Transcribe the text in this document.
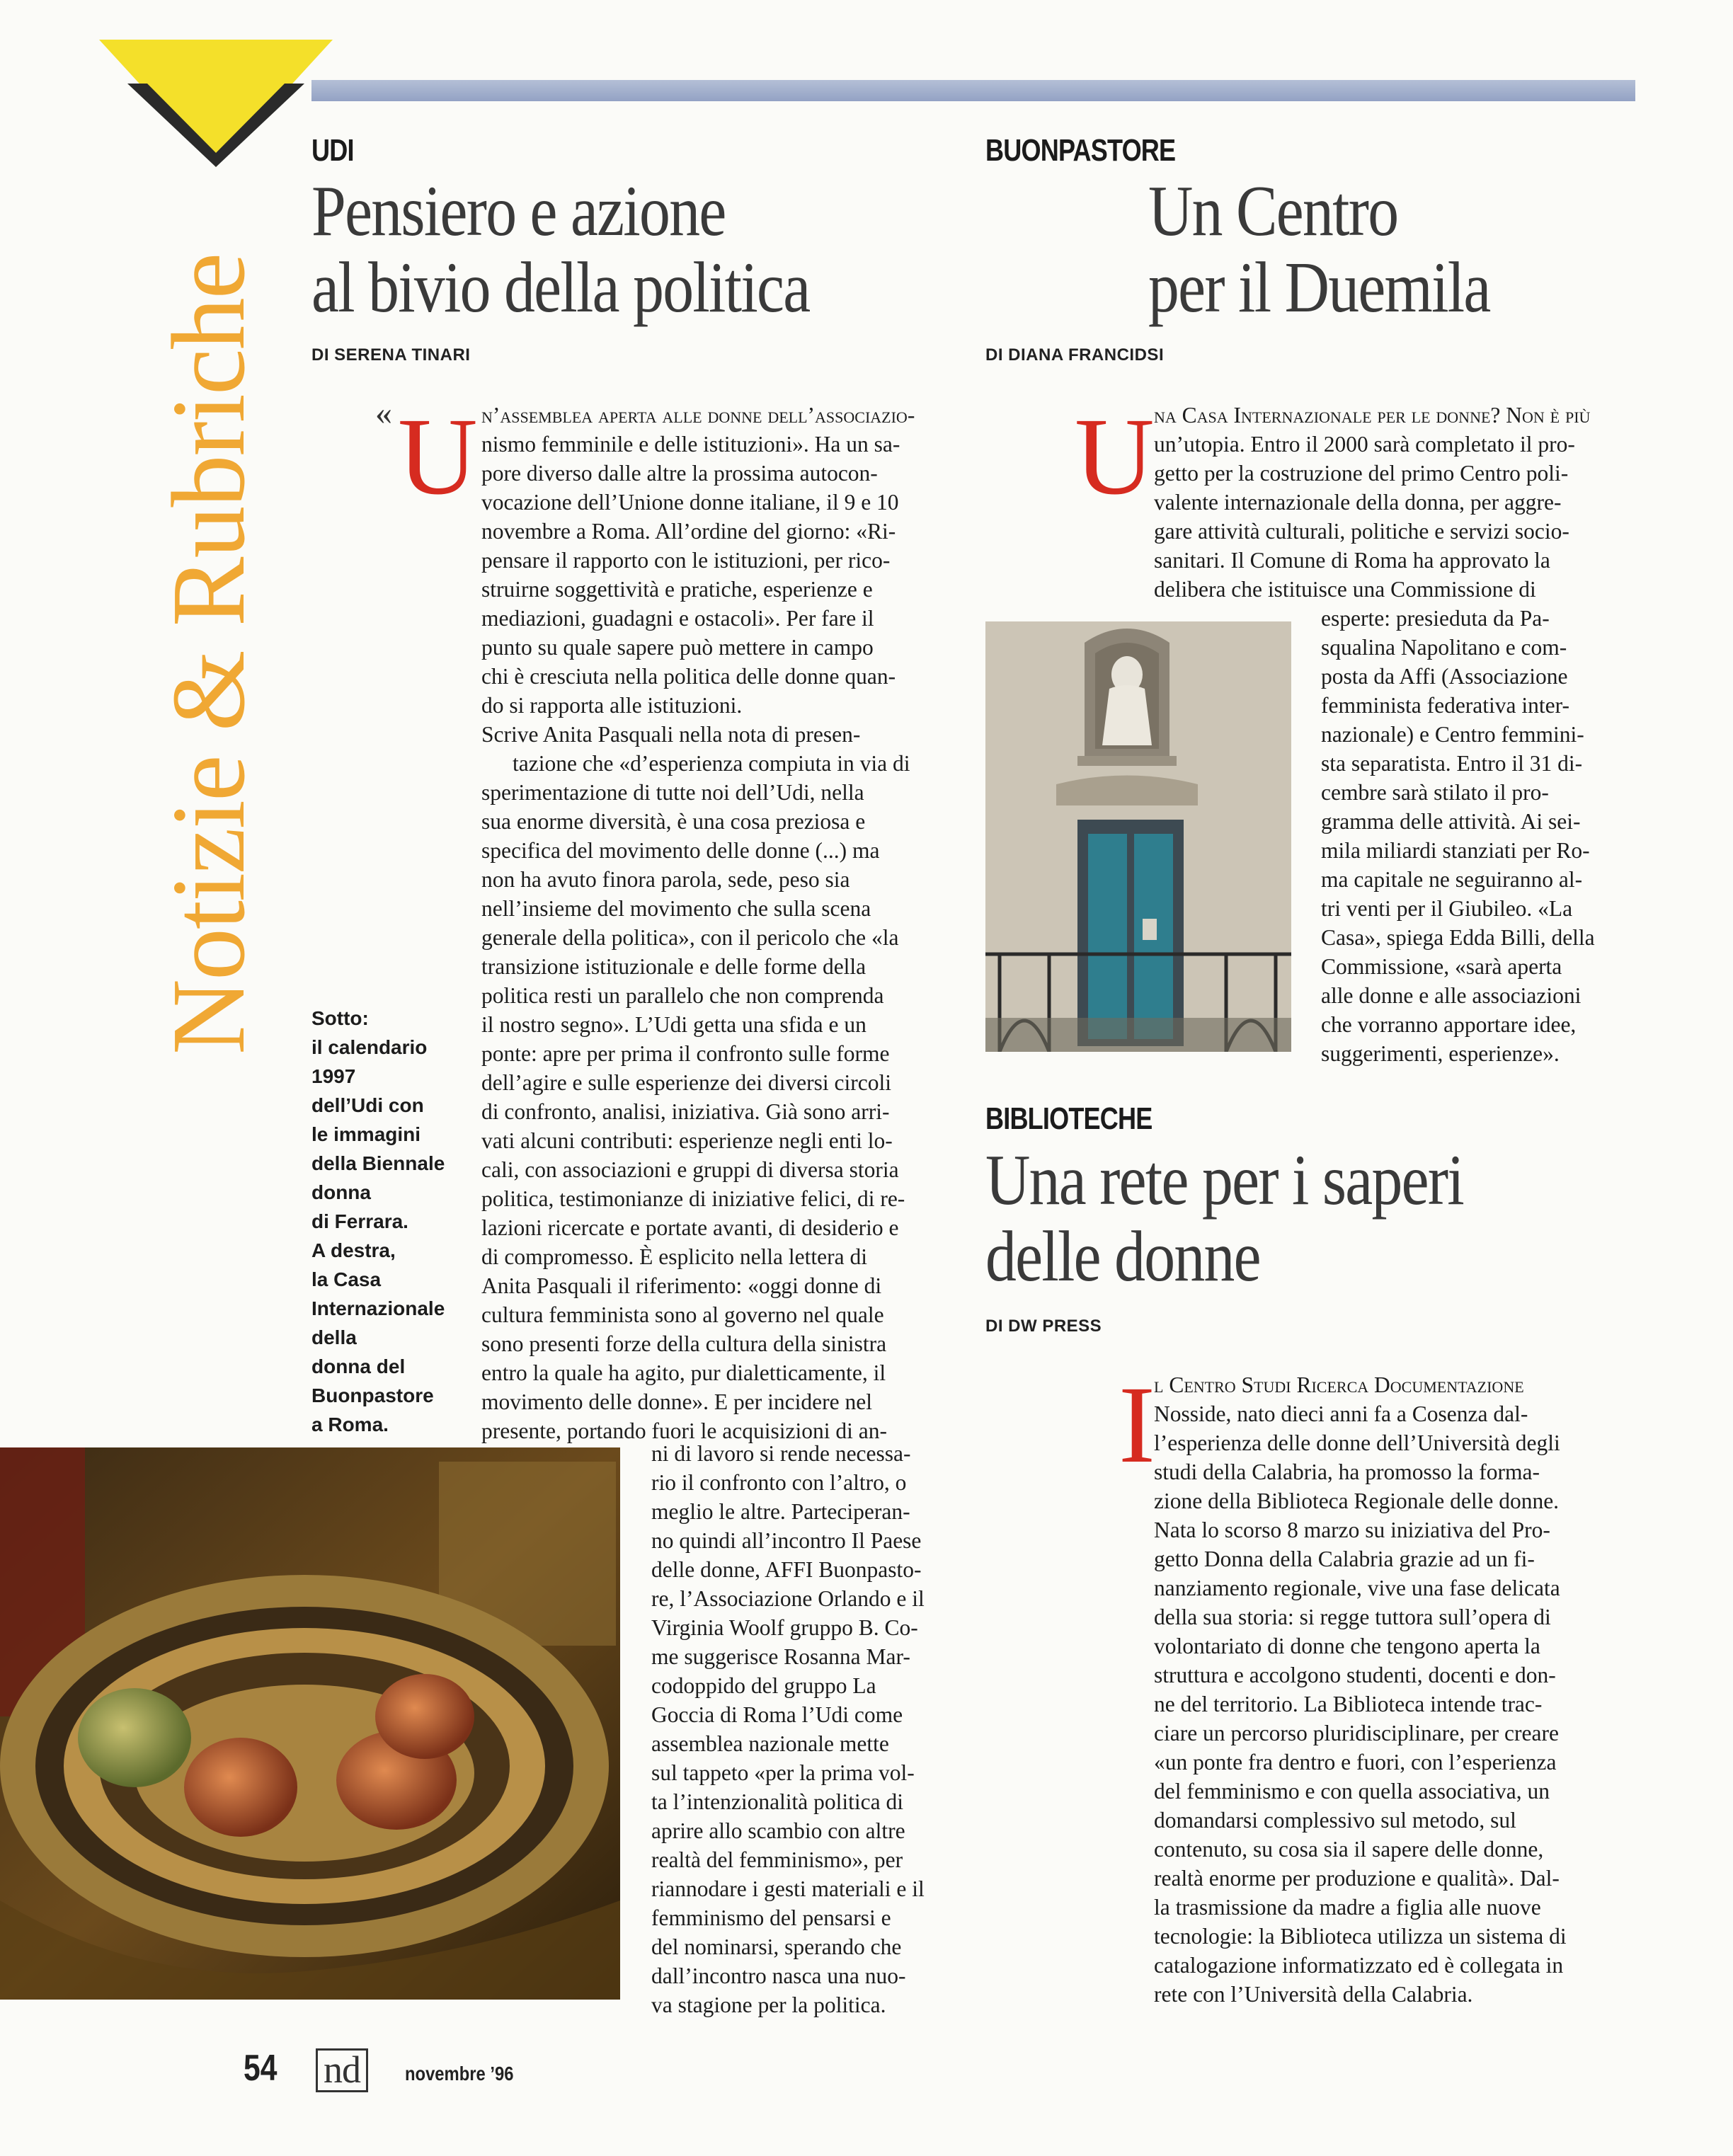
Notizie & Rubriche
UDI
Pensiero e azione
al bivio della politica
DI SERENA TINARI
« U n’assemblea aperta alle donne dell’associazio-

nismo femminile e delle istituzioni». Ha un sa-

pore diverso dalle altre la prossima autocon-

vocazione dell’Unione donne italiane, il 9 e 10

novembre a Roma. All’ordine del giorno: «Ri-

pensare il rapporto con le istituzioni, per rico-

struirne soggettività e pratiche, esperienze e

mediazioni, guadagni e ostacoli». Per fare il

punto su quale sapere può mettere in campo

chi è cresciuta nella politica delle donne quan-

do si rapporta alle istituzioni.

Scrive Anita Pasquali nella nota di presen-

tazione che «d’esperienza compiuta in via di

sperimentazione di tutte noi dell’Udi, nella

sua enorme diversità, è una cosa preziosa e

specifica del movimento delle donne (...) ma

non ha avuto finora parola, sede, peso sia

nell’insieme del movimento che sulla scena

generale della politica», con il pericolo che «la

transizione istituzionale e delle forme della

politica resti un parallelo che non comprenda

il nostro segno». L’Udi getta una sfida e un

ponte: apre per prima il confronto sulle forme

dell’agire e sulle esperienze dei diversi circoli

di confronto, analisi, iniziativa. Già sono arri-

vati alcuni contributi: esperienze negli enti lo-

cali, con associazioni e gruppi di diversa storia

politica, testimonianze di iniziative felici, di re-

lazioni ricercate e portate avanti, di desiderio e

di compromesso. È esplicito nella lettera di

Anita Pasquali il riferimento: «oggi donne di

cultura femminista sono al governo nel quale

sono presenti forze della cultura della sinistra

entro la quale ha agito, pur dialetticamente, il

movimento delle donne». E per incidere nel

presente, portando fuori le acquisizioni di an-

ni di lavoro si rende necessa-

rio il confronto con l’altro, o

meglio le altre. Parteciperan-

no quindi all’incontro Il Paese

delle donne, AFFI Buonpasto-

re, l’Associazione Orlando e il

Virginia Woolf gruppo B. Co-

me suggerisce Rosanna Mar-

codoppido del gruppo La

Goccia di Roma l’Udi come

assemblea nazionale mette

sul tappeto «per la prima vol-

ta l’intenzionalità politica di

aprire allo scambio con altre

realtà del femminismo», per

riannodare i gesti materiali e il

femminismo del pensarsi e

del nominarsi, sperando che

dall’incontro nasca una nuo-

va stagione per la politica.

Sotto:
il calendario
1997
dell’Udi con
le immagini
della Biennale
donna
di Ferrara.
A destra,
la Casa
Internazionale
della
donna del
Buonpastore
a Roma.
BUONPASTORE
Un Centro
per il Duemila
DI DIANA FRANCIDSI
U na Casa Internazionale per le donne? Non è più

un’utopia. Entro il 2000 sarà completato il pro-

getto per la costruzione del primo Centro poli-

valente internazionale della donna, per aggre-

gare attività culturali, politiche e servizi socio-

sanitari. Il Comune di Roma ha approvato la

delibera che istituisce una Commissione di

esperte: presieduta da Pa-

squalina Napolitano e com-

posta da Affi (Associazione

femminista federativa inter-

nazionale) e Centro femmini-

sta separatista. Entro il 31 di-

cembre sarà stilato il pro-

gramma delle attività. Ai sei-

mila miliardi stanziati per Ro-

ma capitale ne seguiranno al-

tri venti per il Giubileo. «La

Casa», spiega Edda Billi, della

Commissione, «sarà aperta

alle donne e alle associazioni

che vorranno apportare idee,

suggerimenti, esperienze».

BIBLIOTECHE
Una rete per i saperi
delle donne
DI DW PRESS
I

l Centro Studi Ricerca Documentazione

Nosside, nato dieci anni fa a Cosenza dal-

l’esperienza delle donne dell’Università degli

studi della Calabria, ha promosso la forma-

zione della Biblioteca Regionale delle donne.

Nata lo scorso 8 marzo su iniziativa del Pro-

getto Donna della Calabria grazie ad un fi-

nanziamento regionale, vive una fase delicata

della sua storia: si regge tuttora sull’opera di

volontariato di donne che tengono aperta la

struttura e accolgono studenti, docenti e don-

ne del territorio. La Biblioteca intende trac-

ciare un percorso pluridisciplinare, per creare

«un ponte fra dentro e fuori, con l’esperienza

del femminismo e con quella associativa, un

domandarsi complessivo sul metodo, sul

contenuto, su cosa sia il sapere delle donne,

realtà enorme per produzione e qualità». Dal-

la trasmissione da madre a figlia alle nuove

tecnologie: la Biblioteca utilizza un sistema di

catalogazione informatizzato ed è collegata in

rete con l’Università della Calabria.

54 nd	novembre ’96
